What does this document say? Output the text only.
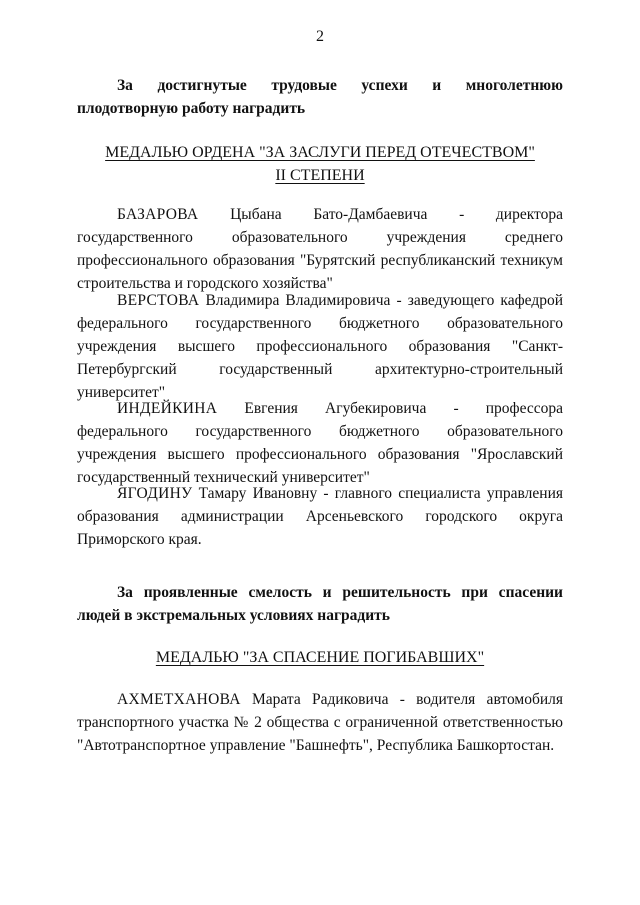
2
За достигнутые трудовые успехи и многолетнюю плодотворную работу наградить
МЕДАЛЬЮ ОРДЕНА "ЗА ЗАСЛУГИ ПЕРЕД ОТЕЧЕСТВОМ"
II СТЕПЕНИ
БАЗАРОВА Цыбана Бато-Дамбаевича - директора государственного образовательного учреждения среднего профессионального образования "Бурятский республиканский техникум строительства и городского хозяйства"
ВЕРСТОВА Владимира Владимировича - заведующего кафедрой федерального государственного бюджетного образовательного учреждения высшего профессионального образования "Санкт-Петербургский государственный архитектурно-строительный университет"
ИНДЕЙКИНА Евгения Агубекировича - профессора федерального государственного бюджетного образовательного учреждения высшего профессионального образования "Ярославский государственный технический университет"
ЯГОДИНУ Тамару Ивановну - главного специалиста управления образования администрации Арсеньевского городского округа Приморского края.
За проявленные смелость и решительность при спасении людей в экстремальных условиях наградить
МЕДАЛЬЮ "ЗА СПАСЕНИЕ ПОГИБАВШИХ"
АХМЕТХАНОВА Марата Радиковича - водителя автомобиля транспортного участка № 2 общества с ограниченной ответственностью "Автотранспортное управление "Башнефть", Республика Башкортостан.
